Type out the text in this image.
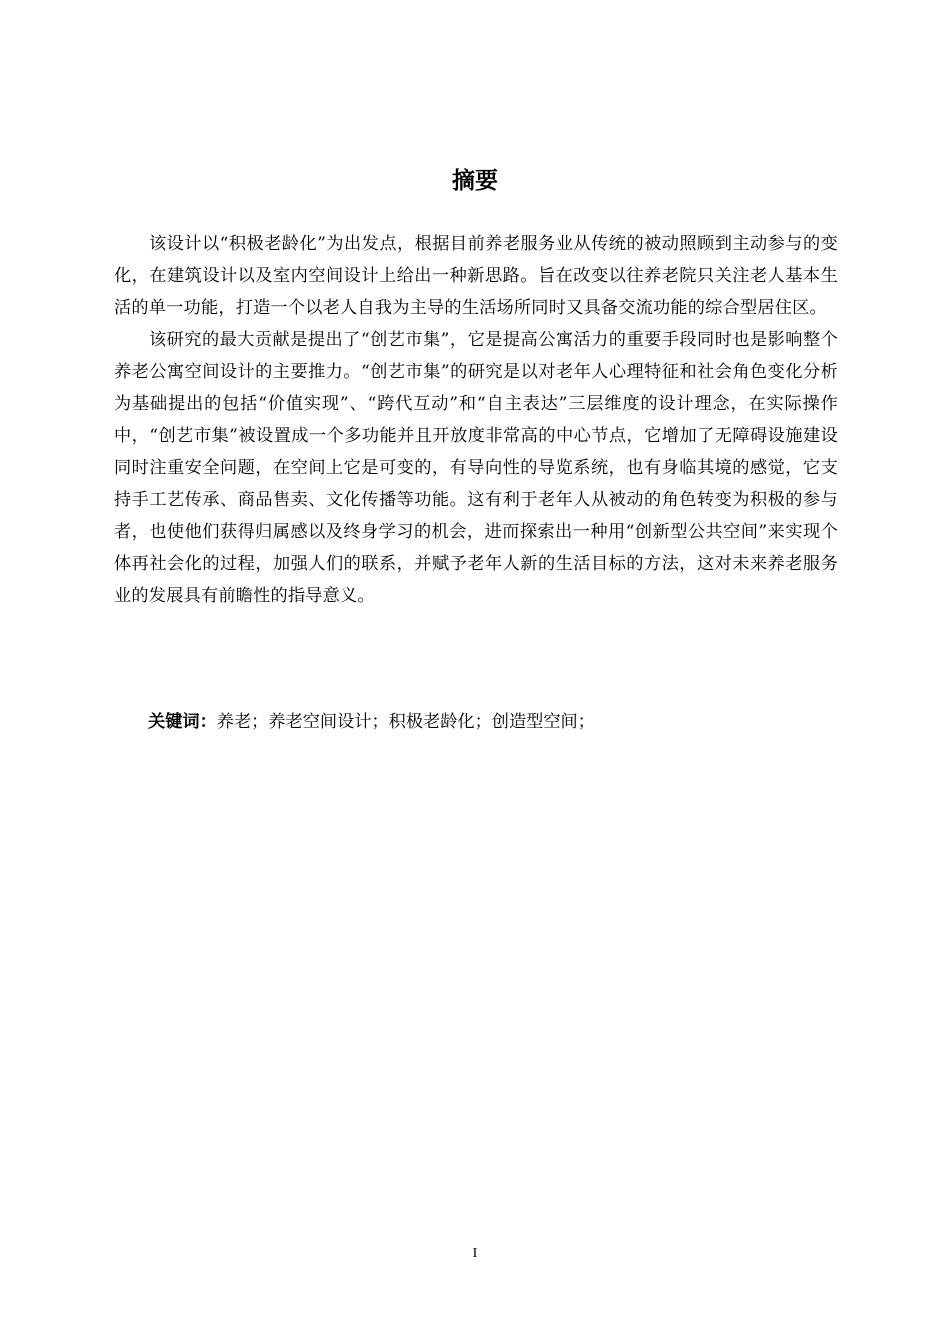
摘要

该设计以“积极老龄化”为出发点，根据目前养老服务业从传统的被动照顾到主动参与的变化，在建筑设计以及室内空间设计上给出一种新思路。旨在改变以往养老院只关注老人基本生活的单一功能，打造一个以老人自我为主导的生活场所同时又具备交流功能的综合型居住区。

该研究的最大贡献是提出了“创艺市集”，它是提高公寓活力的重要手段同时也是影响整个养老公寓空间设计的主要推力。“创艺市集”的研究是以对老年人心理特征和社会角色变化分析为基础提出的包括“价值实现”、“跨代互动”和“自主表达”三层维度的设计理念，在实际操作中，“创艺市集”被设置成一个多功能并且开放度非常高的中心节点，它增加了无障碍设施建设同时注重安全问题，在空间上它是可变的，有导向性的导览系统，也有身临其境的感觉，它支持手工艺传承、商品售卖、文化传播等功能。这有利于老年人从被动的角色转变为积极的参与者，也使他们获得归属感以及终身学习的机会，进而探索出一种用“创新型公共空间”来实现个体再社会化的过程，加强人们的联系，并赋予老年人新的生活目标的方法，这对未来养老服务业的发展具有前瞻性的指导意义。

关键词：养老；养老空间设计；积极老龄化；创造型空间；
I
